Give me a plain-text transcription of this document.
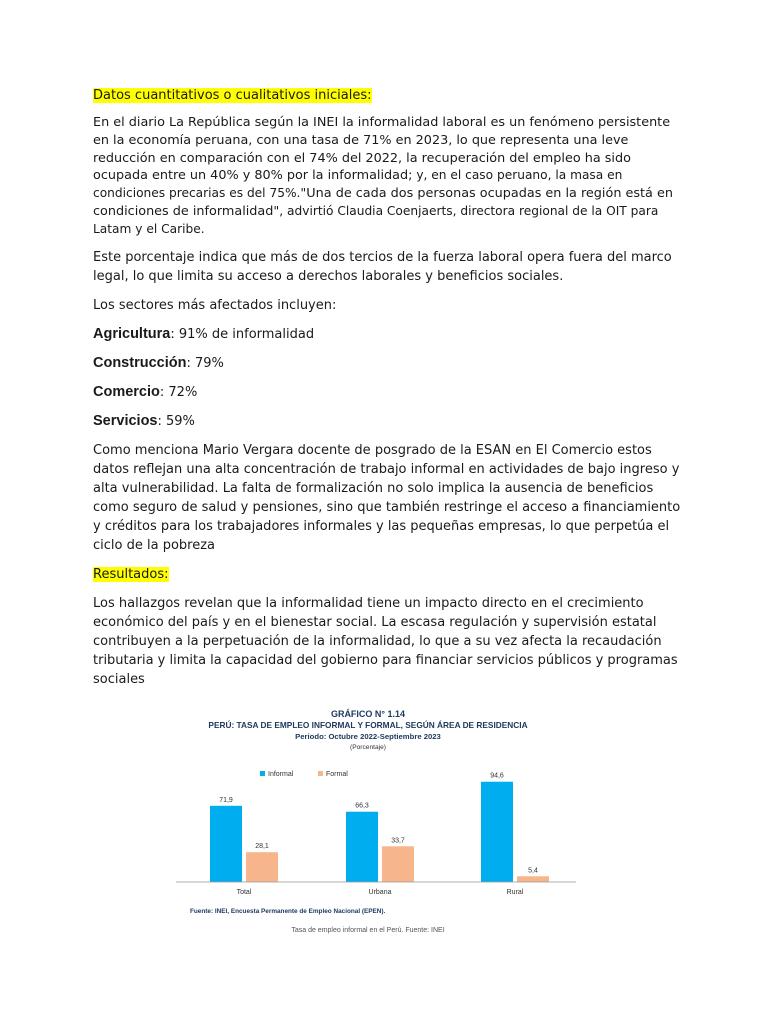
Datos cuantitativos o cualitativos iniciales:

En el diario La República según la INEI la informalidad laboral es un fenómeno persistente en la economía peruana, con una tasa de 71% en 2023, lo que representa una leve reducción en comparación con el 74% del 2022, la recuperación del empleo ha sido ocupada entre un 40% y 80% por la informalidad; y, en el caso peruano, la masa en condiciones precarias es del 75%."Una de cada dos personas ocupadas en la región está en condiciones de informalidad", advirtió Claudia Coenjaerts, directora regional de la OIT para Latam y el Caribe.

Este porcentaje indica que más de dos tercios de la fuerza laboral opera fuera del marco legal, lo que limita su acceso a derechos laborales y beneficios sociales.

Los sectores más afectados incluyen:

Agricultura: 91% de informalidad

Construcción: 79%

Comercio: 72%

Servicios: 59%

Como menciona Mario Vergara docente de posgrado de la ESAN en El Comercio estos datos reflejan una alta concentración de trabajo informal en actividades de bajo ingreso y alta vulnerabilidad. La falta de formalización no solo implica la ausencia de beneficios como seguro de salud y pensiones, sino que también restringe el acceso a financiamiento y créditos para los trabajadores informales y las pequeñas empresas, lo que perpetúa el ciclo de la pobreza

Resultados:

Los hallazgos revelan que la informalidad tiene un impacto directo en el crecimiento económico del país y en el bienestar social. La escasa regulación y supervisión estatal contribuyen a la perpetuación de la informalidad, lo que a su vez afecta la recaudación tributaria y limita la capacidad del gobierno para financiar servicios públicos y programas sociales

GRÁFICO N° 1.14
PERÚ: TASA DE EMPLEO INFORMAL Y FORMAL, SEGÚN ÁREA DE RESIDENCIA
Periodo: Octubre 2022-Septiembre 2023
(Porcentaje)
Informal	Formal
71,9
28,1
Total
66,3
33,7
Urbana
94,6
5,4
Rural
Fuente: INEI, Encuesta Permanente de Empleo Nacional (EPEN).
Tasa de empleo informal en el Perú. Fuente: INEI
